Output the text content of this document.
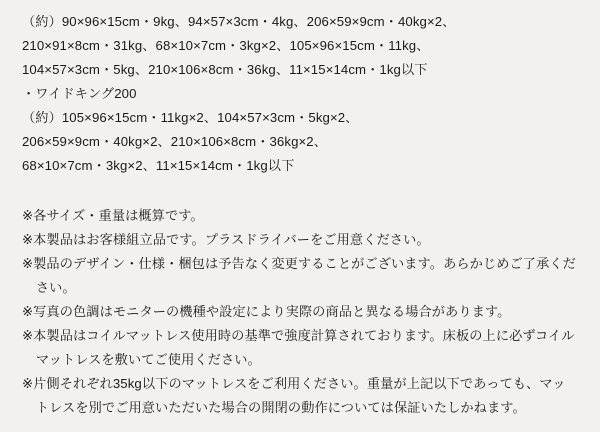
（約）90×96×15cm・9kg、94×57×3cm・4kg、206×59×9cm・40kg×2、
210×91×8cm・31kg、68×10×7cm・3kg×2、105×96×15cm・11kg、
104×57×3cm・5kg、210×106×8cm・36kg、11×15×14cm・1kg以下
・ワイドキング200
（約）105×96×15cm・11kg×2、104×57×3cm・5kg×2、
206×59×9cm・40kg×2、210×106×8cm・36kg×2、
68×10×7cm・3kg×2、11×15×14cm・1kg以下
※各サイズ・重量は概算です。
※本製品はお客様組立品です。プラスドライバーをご用意ください。
※製品のデザイン・仕様・梱包は予告なく変更することがございます。あらかじめご了承ください。
※写真の色調はモニターの機種や設定により実際の商品と異なる場合があります。
※本製品はコイルマットレス使用時の基準で強度計算されております。床板の上に必ずコイルマットレスを敷いてご使用ください。
※片側それぞれ35kg以下のマットレスをご利用ください。重量が上記以下であっても、マットレスを別でご用意いただいた場合の開閉の動作については保証いたしかねます。
